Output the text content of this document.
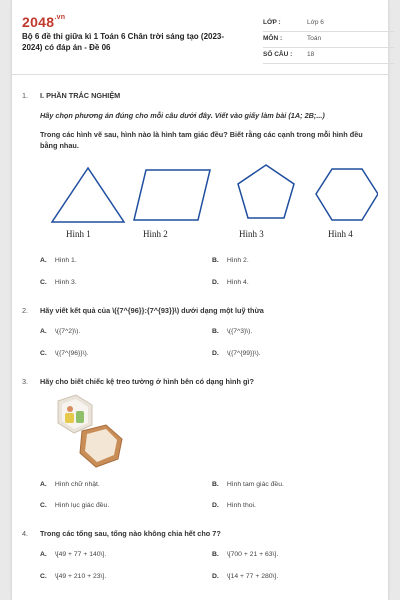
$2048^{.vn}$
Bộ 6 đề thi giữa kì 1 Toán 6 Chân trời sáng tạo (2023-2024) có đáp án - Đề 06
LỚP :	Lớp 6
MÔN :	Toán
SỐ CÂU : 18
1. I. PHẦN TRẮC NGHIỆM
Hãy chọn phương án đúng cho mỗi câu dưới đây. Viết vào giấy làm bài (1A; 2B;...)
Trong các hình vẽ sau, hình nào là hình tam giác đều? Biết rằng các cạnh trong mỗi hình đều bằng nhau.
Hình 1	Hình 2	Hình 3	Hình 4
A. Hình 1.	B. Hình 2.
C. Hình 3.	D. Hình 4.
2. Hãy viết kết quả của \({7^{96}}:{7^{93}}\) dưới dạng một luỹ thừa
A. \({7^2}\).	B. \({7^3}\).
C. \({7^{96}}\).	D. \({7^{99}}\).
3. Hãy cho biết chiếc kệ treo tường ở hình bên có dạng hình gì?
A. Hình chữ nhật.	B. Hình tam giác đều.
C. Hình lục giác đều.	D. Hình thoi.
4. Trong các tổng sau, tổng nào không chia hết cho 7?
A. \[49 + 77 + 140\].	B. \[700 + 21 + 63\].
C. \[49 + 210 + 23\].	D. \[14 + 77 + 280\].
